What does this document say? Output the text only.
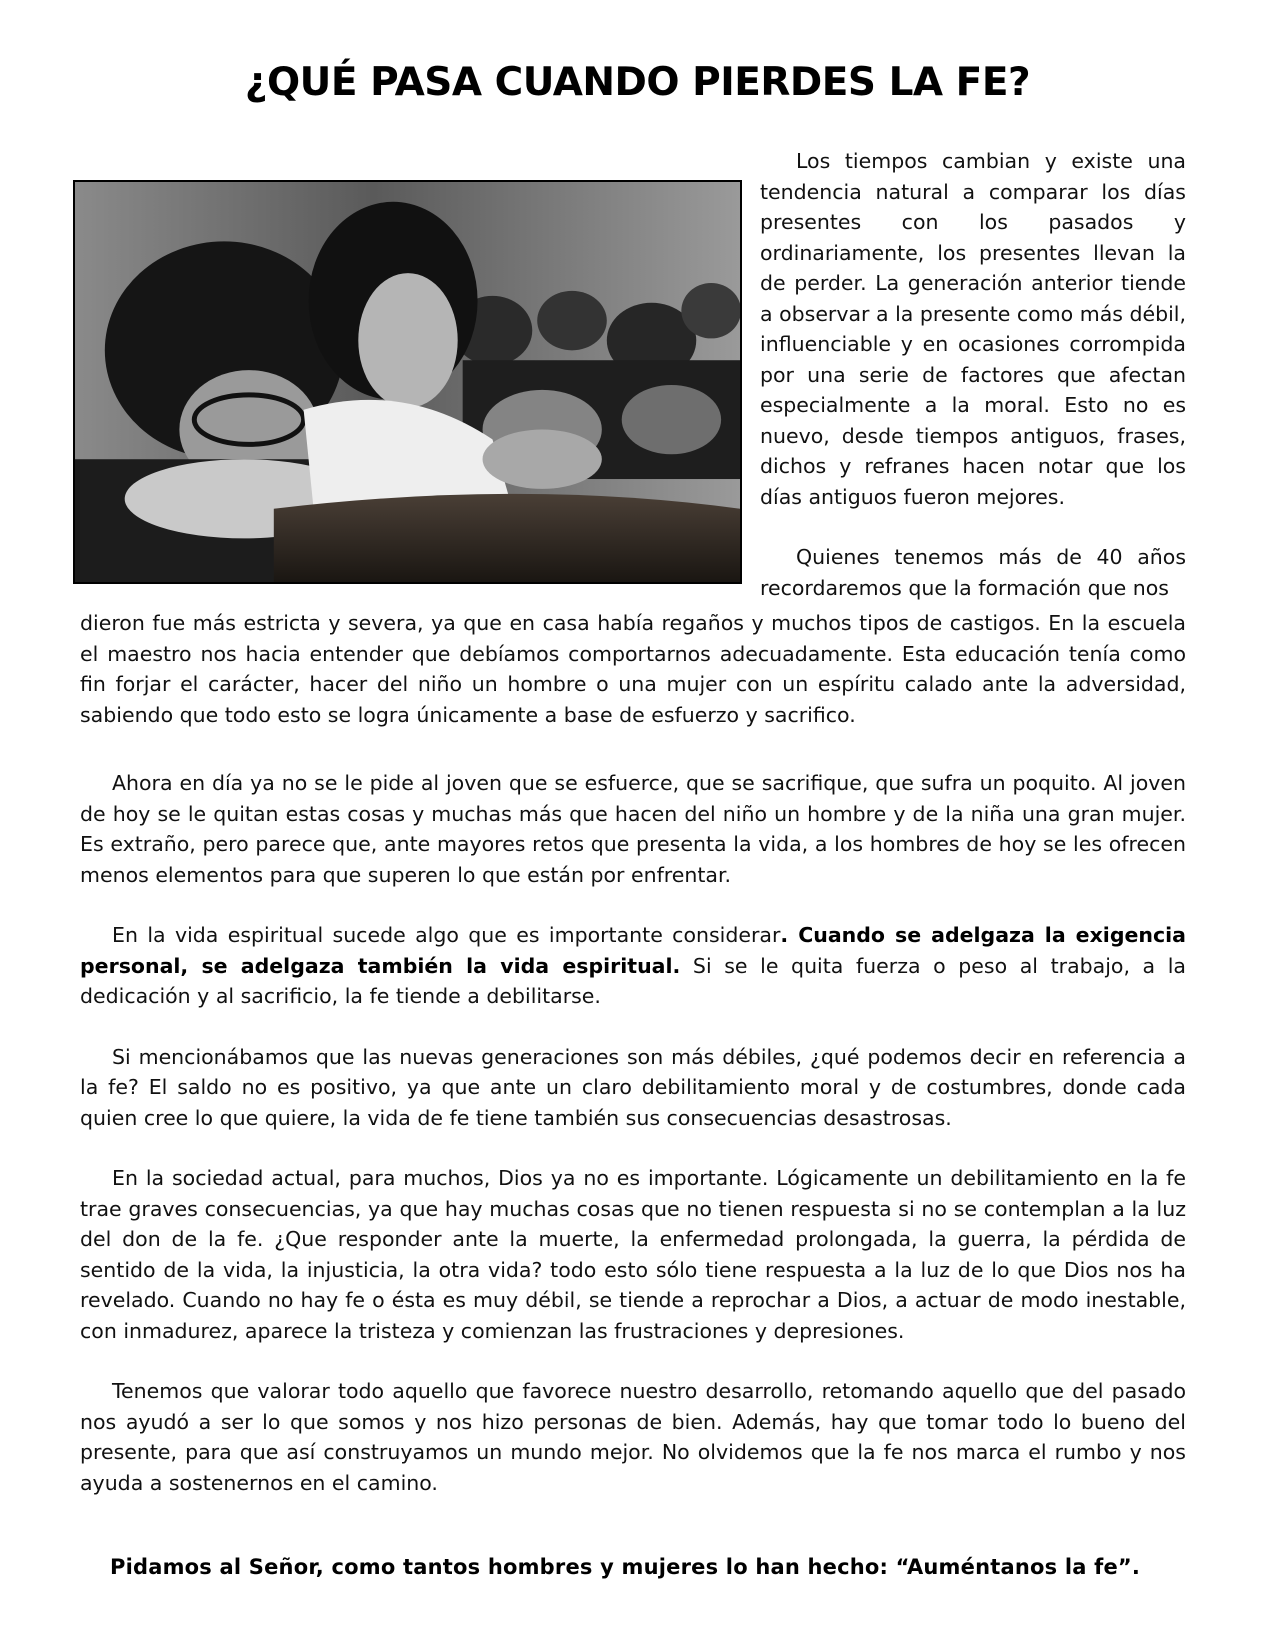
¿QUÉ PASA CUANDO PIERDES LA FE?

Los tiempos cambian y existe una tendencia natural a comparar los días presentes con los pasados y ordinariamente, los presentes llevan la de perder. La generación anterior tiende a observar a la presente como más débil, influenciable y en ocasiones corrompida por una serie de factores que afectan especialmente a la moral. Esto no es nuevo, desde tiempos antiguos, frases, dichos y refranes hacen notar que los días antiguos fueron mejores.

Quienes tenemos más de 40 años recordaremos que la formación que nos

dieron fue más estricta y severa, ya que en casa había regaños y muchos tipos de castigos. En la escuela el maestro nos hacia entender que debíamos comportarnos adecuadamente. Esta educación tenía como fin forjar el carácter, hacer del niño un hombre o una mujer con un espíritu calado ante la adversidad, sabiendo que todo esto se logra únicamente a base de esfuerzo y sacrifico.

Ahora en día ya no se le pide al joven que se esfuerce, que se sacrifique, que sufra un poquito. Al joven de hoy se le quitan estas cosas y muchas más que hacen del niño un hombre y de la niña una gran mujer. Es extraño, pero parece que, ante mayores retos que presenta la vida, a los hombres de hoy se les ofrecen menos elementos para que superen lo que están por enfrentar.

En la vida espiritual sucede algo que es importante considerar. Cuando se adelgaza la exigencia personal, se adelgaza también la vida espiritual. Si se le quita fuerza o peso al trabajo, a la dedicación y al sacrificio, la fe tiende a debilitarse.

Si mencionábamos que las nuevas generaciones son más débiles, ¿qué podemos decir en referencia a la fe? El saldo no es positivo, ya que ante un claro debilitamiento moral y de costumbres, donde cada quien cree lo que quiere, la vida de fe tiene también sus consecuencias desastrosas.

En la sociedad actual, para muchos, Dios ya no es importante. Lógicamente un debilitamiento en la fe trae graves consecuencias, ya que hay muchas cosas que no tienen respuesta si no se contemplan a la luz del don de la fe. ¿Que responder ante la muerte, la enfermedad prolongada, la guerra, la pérdida de sentido de la vida, la injusticia, la otra vida? todo esto sólo tiene respuesta a la luz de lo que Dios nos ha revelado. Cuando no hay fe o ésta es muy débil, se tiende a reprochar a Dios, a actuar de modo inestable, con inmadurez, aparece la tristeza y comienzan las frustraciones y depresiones.

Tenemos que valorar todo aquello que favorece nuestro desarrollo, retomando aquello que del pasado nos ayudó a ser lo que somos y nos hizo personas de bien. Además, hay que tomar todo lo bueno del presente, para que así construyamos un mundo mejor. No olvidemos que la fe nos marca el rumbo y nos ayuda a sostenernos en el camino.

Pidamos al Señor, como tantos hombres y mujeres lo han hecho: “Auméntanos la fe”.
